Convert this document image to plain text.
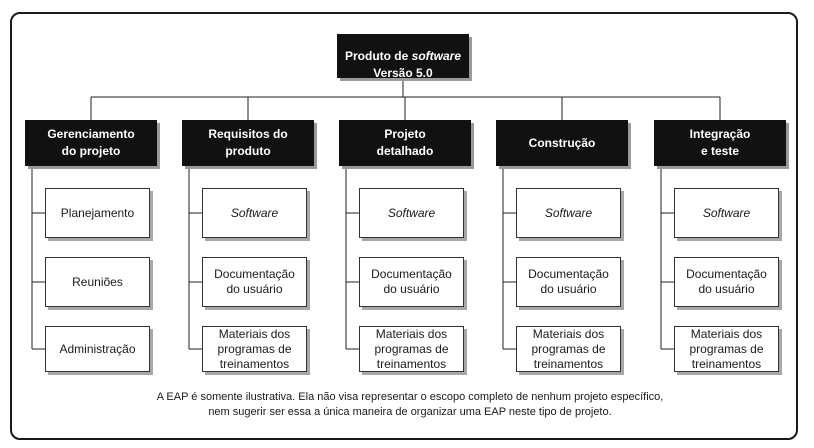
Produto de software

Versão 5.0
Gerenciamento
do projeto
Planejamento
Reuniões
Administração
Requisitos do
produto
Software
Documentação
do usuário
Materiais dos
programas de
treinamentos
Projeto
detalhado
Software
Documentação
do usuário
Materiais dos
programas de
treinamentos
Construção
Software
Documentação
do usuário
Materiais dos
programas de
treinamentos
Integração
e teste
Software
Documentação
do usuário
Materiais dos
programas de
treinamentos
A EAP é somente ilustrativa. Ela não visa representar o escopo completo de nenhum projeto específico,
nem sugerir ser essa a única maneira de organizar uma EAP neste tipo de projeto.
